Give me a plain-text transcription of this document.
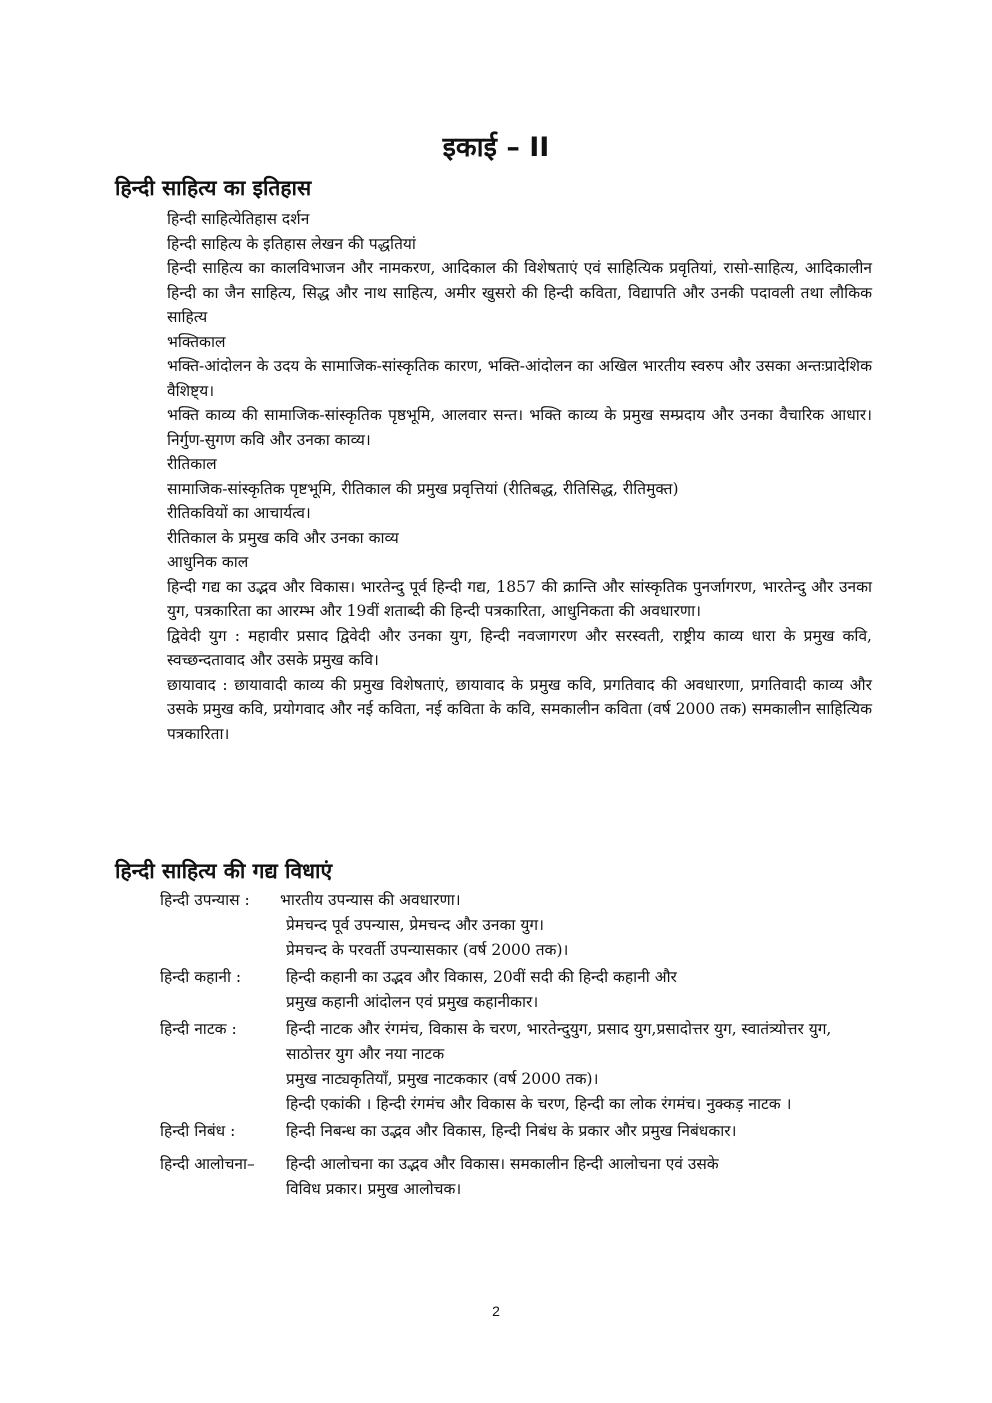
इकाई – II
हिन्दी साहित्य का इतिहास

हिन्दी साहित्येतिहास दर्शन

हिन्दी साहित्य के इतिहास लेखन की पद्धतियां

हिन्दी साहित्य का कालविभाजन और नामकरण, आदिकाल की विशेषताएं एवं साहित्यिक प्रवृतियां, रासो-साहित्य, आदिकालीन हिन्दी का जैन साहित्य, सिद्ध और नाथ साहित्य, अमीर खुसरो की हिन्दी कविता, विद्यापति और उनकी पदावली तथा लौकिक साहित्य

भक्तिकाल

भक्ति-आंदोलन के उदय के सामाजिक-सांस्कृतिक कारण, भक्ति-आंदोलन का अखिल भारतीय स्वरुप और उसका अन्तःप्रादेशिक वैशिष्ट्य।

भक्ति काव्य की सामाजिक-सांस्कृतिक पृष्ठभूमि, आलवार सन्त। भक्ति काव्य के प्रमुख सम्प्रदाय और उनका वैचारिक आधार। निर्गुण-सुगण कवि और उनका काव्य।

रीतिकाल

सामाजिक-सांस्कृतिक पृष्टभूमि, रीतिकाल की प्रमुख प्रवृत्तियां (रीतिबद्ध, रीतिसिद्ध, रीतिमुक्त)

रीतिकवियों का आचार्यत्व।

रीतिकाल के प्रमुख कवि और उनका काव्य

आधुनिक काल

हिन्दी गद्य का उद्भव और विकास। भारतेन्दु पूर्व हिन्दी गद्य, 1857 की क्रान्ति और सांस्कृतिक पुनर्जागरण, भारतेन्दु और उनका युग, पत्रकारिता का आरम्भ और 19वीं शताब्दी की हिन्दी पत्रकारिता, आधुनिकता की अवधारणा।

द्विवेदी युग : महावीर प्रसाद द्विवेदी और उनका युग, हिन्दी नवजागरण और सरस्वती, राष्ट्रीय काव्य धारा के प्रमुख कवि, स्वच्छन्दतावाद और उसके प्रमुख कवि।

छायावाद : छायावादी काव्य की प्रमुख विशेषताएं, छायावाद के प्रमुख कवि, प्रगतिवाद की अवधारणा, प्रगतिवादी काव्य और उसके प्रमुख कवि, प्रयोगवाद और नई कविता, नई कविता के कवि, समकालीन कविता (वर्ष 2000 तक) समकालीन साहित्यिक पत्रकारिता।

हिन्दी साहित्य की गद्य विधाएं
हिन्दी उपन्यास :	भारतीय उपन्यास की अवधारणा।
प्रेमचन्द पूर्व उपन्यास, प्रेमचन्द और उनका युग।
प्रेमचन्द के परवर्ती उपन्यासकार (वर्ष 2000 तक)।
हिन्दी कहानी :	हिन्दी कहानी का उद्भव और विकास, 20वीं सदी की हिन्दी कहानी और
प्रमुख कहानी आंदोलन एवं प्रमुख कहानीकार।
हिन्दी नाटक :	हिन्दी नाटक और रंगमंच, विकास के चरण, भारतेन्दुयुग, प्रसाद युग,प्रसादोत्तर युग, स्वातंत्र्योत्तर युग, साठोत्तर युग और नया नाटक
प्रमुख नाट्यकृतियाँ, प्रमुख नाटककार (वर्ष 2000 तक)।
हिन्दी एकांकी । हिन्दी रंगमंच और विकास के चरण, हिन्दी का लोक रंगमंच। नुक्कड़ नाटक ।
हिन्दी निबंध :	हिन्दी निबन्ध का उद्भव और विकास, हिन्दी निबंध के प्रकार और प्रमुख निबंधकार।
हिन्दी आलोचना–	हिन्दी आलोचना का उद्भव और विकास। समकालीन हिन्दी आलोचना एवं उसके
विविध प्रकार। प्रमुख आलोचक।
2
